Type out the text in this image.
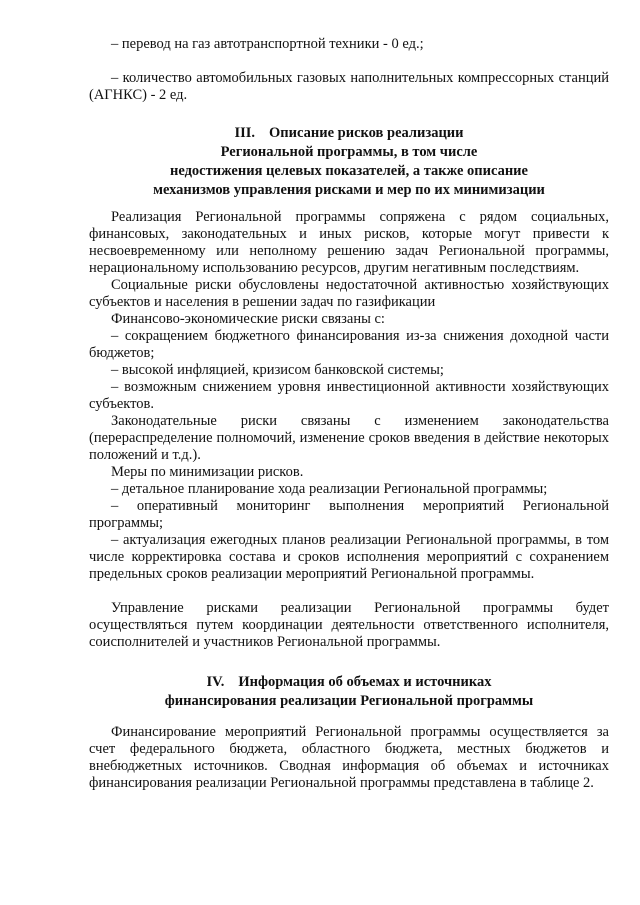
– перевод на газ автотранспортной техники - 0 ед.;

– количество автомобильных газовых наполнительных компрессорных станций (АГНКС) - 2 ед.

III. Описание рисков реализации
Региональной программы, в том числе
недостижения целевых показателей, а также описание
механизмов управления рисками и мер по их минимизации

Реализация Региональной программы сопряжена с рядом социальных, финансовых, законодательных и иных рисков, которые могут привести к несвоевременному или неполному решению задач Региональной программы, нерациональному использованию ресурсов, другим негативным последствиям.

Социальные риски обусловлены недостаточной активностью хозяйствующих субъектов и населения в решении задач по газификации

Финансово-экономические риски связаны с:

– сокращением бюджетного финансирования из-за снижения доходной части бюджетов;

– высокой инфляцией, кризисом банковской системы;

– возможным снижением уровня инвестиционной активности хозяйствующих субъектов.

Законодательные риски связаны с изменением законодательства (перераспределение полномочий, изменение сроков введения в действие некоторых положений и т.д.).

Меры по минимизации рисков.

– детальное планирование хода реализации Региональной программы;

– оперативный мониторинг выполнения мероприятий Региональной программы;

– актуализация ежегодных планов реализации Региональной программы, в том числе корректировка состава и сроков исполнения мероприятий с сохранением предельных сроков реализации мероприятий Региональной программы.

Управление рисками реализации Региональной программы будет осуществляться путем координации деятельности ответственного исполнителя, соисполнителей и участников Региональной программы.

IV. Информация об объемах и источниках
финансирования реализации Региональной программы

Финансирование мероприятий Региональной программы осуществляется за счет федерального бюджета, областного бюджета, местных бюджетов и внебюджетных источников. Сводная информация об объемах и источниках финансирования реализации Региональной программы представлена в таблице 2.
